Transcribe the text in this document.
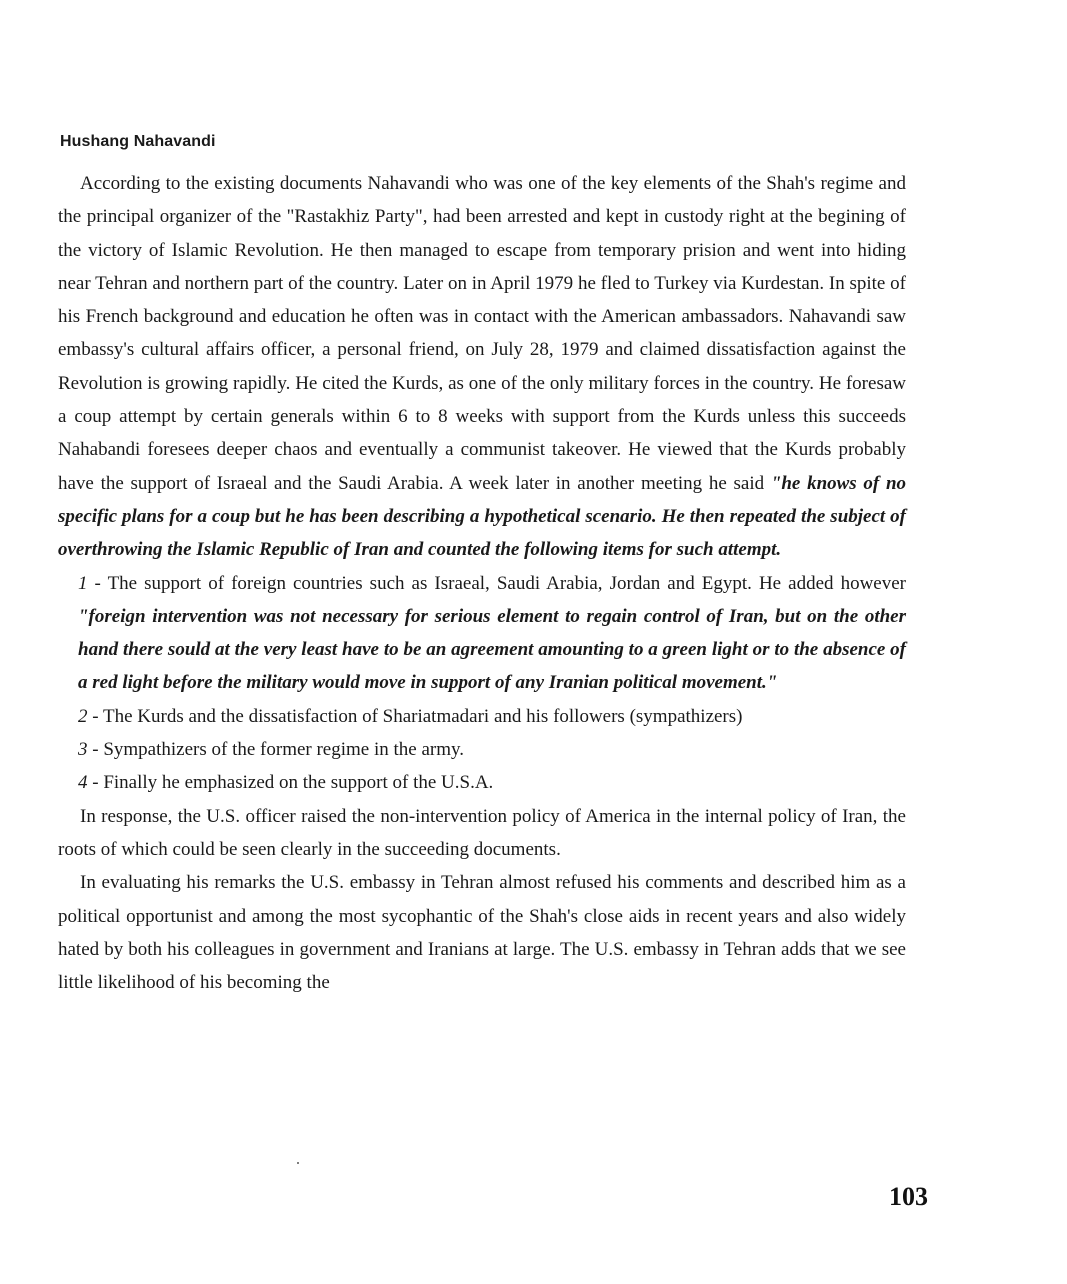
Hushang Nahavandi

According to the existing documents Nahavandi who was one of the key elements of the Shah's regime and the principal organizer of the "Rastakhiz Party", had been arrested and kept in custody right at the begining of the victory of Islamic Revolution. He then managed to escape from temporary prision and went into hiding near Tehran and northern part of the country. Later on in April 1979 he fled to Turkey via Kurdestan. In spite of his French background and education he often was in contact with the American ambassadors. Nahavandi saw embassy's cultural affairs officer, a personal friend, on July 28, 1979 and claimed dissatisfaction against the Revolution is growing rapidly. He cited the Kurds, as one of the only military forces in the country. He foresaw a coup attempt by certain generals within 6 to 8 weeks with support from the Kurds unless this succeeds Nahabandi foresees deeper chaos and eventually a communist takeover. He viewed that the Kurds probably have the support of Israeal and the Saudi Arabia. A week later in another meeting he said "he knows of no specific plans for a coup but he has been describing a hypothetical scenario. He then repeated the subject of overthrowing the Islamic Republic of Iran and counted the following items for such attempt.

1 - The support of foreign countries such as Israeal, Saudi Arabia, Jordan and Egypt. He added however "foreign intervention was not necessary for serious element to regain control of Iran, but on the other hand there sould at the very least have to be an agreement amounting to a green light or to the absence of a red light before the military would move in support of any Iranian political movement."

2 - The Kurds and the dissatisfaction of Shariatmadari and his followers (sympathizers)

3 - Sympathizers of the former regime in the army.

4 - Finally he emphasized on the support of the U.S.A.

In response, the U.S. officer raised the non-intervention policy of America in the internal policy of Iran, the roots of which could be seen clearly in the succeeding documents.

In evaluating his remarks the U.S. embassy in Tehran almost refused his comments and described him as a political opportunist and among the most sycophantic of the Shah's close aids in recent years and also widely hated by both his colleagues in government and Iranians at large. The U.S. embassy in Tehran adds that we see little likelihood of his becoming the

103
